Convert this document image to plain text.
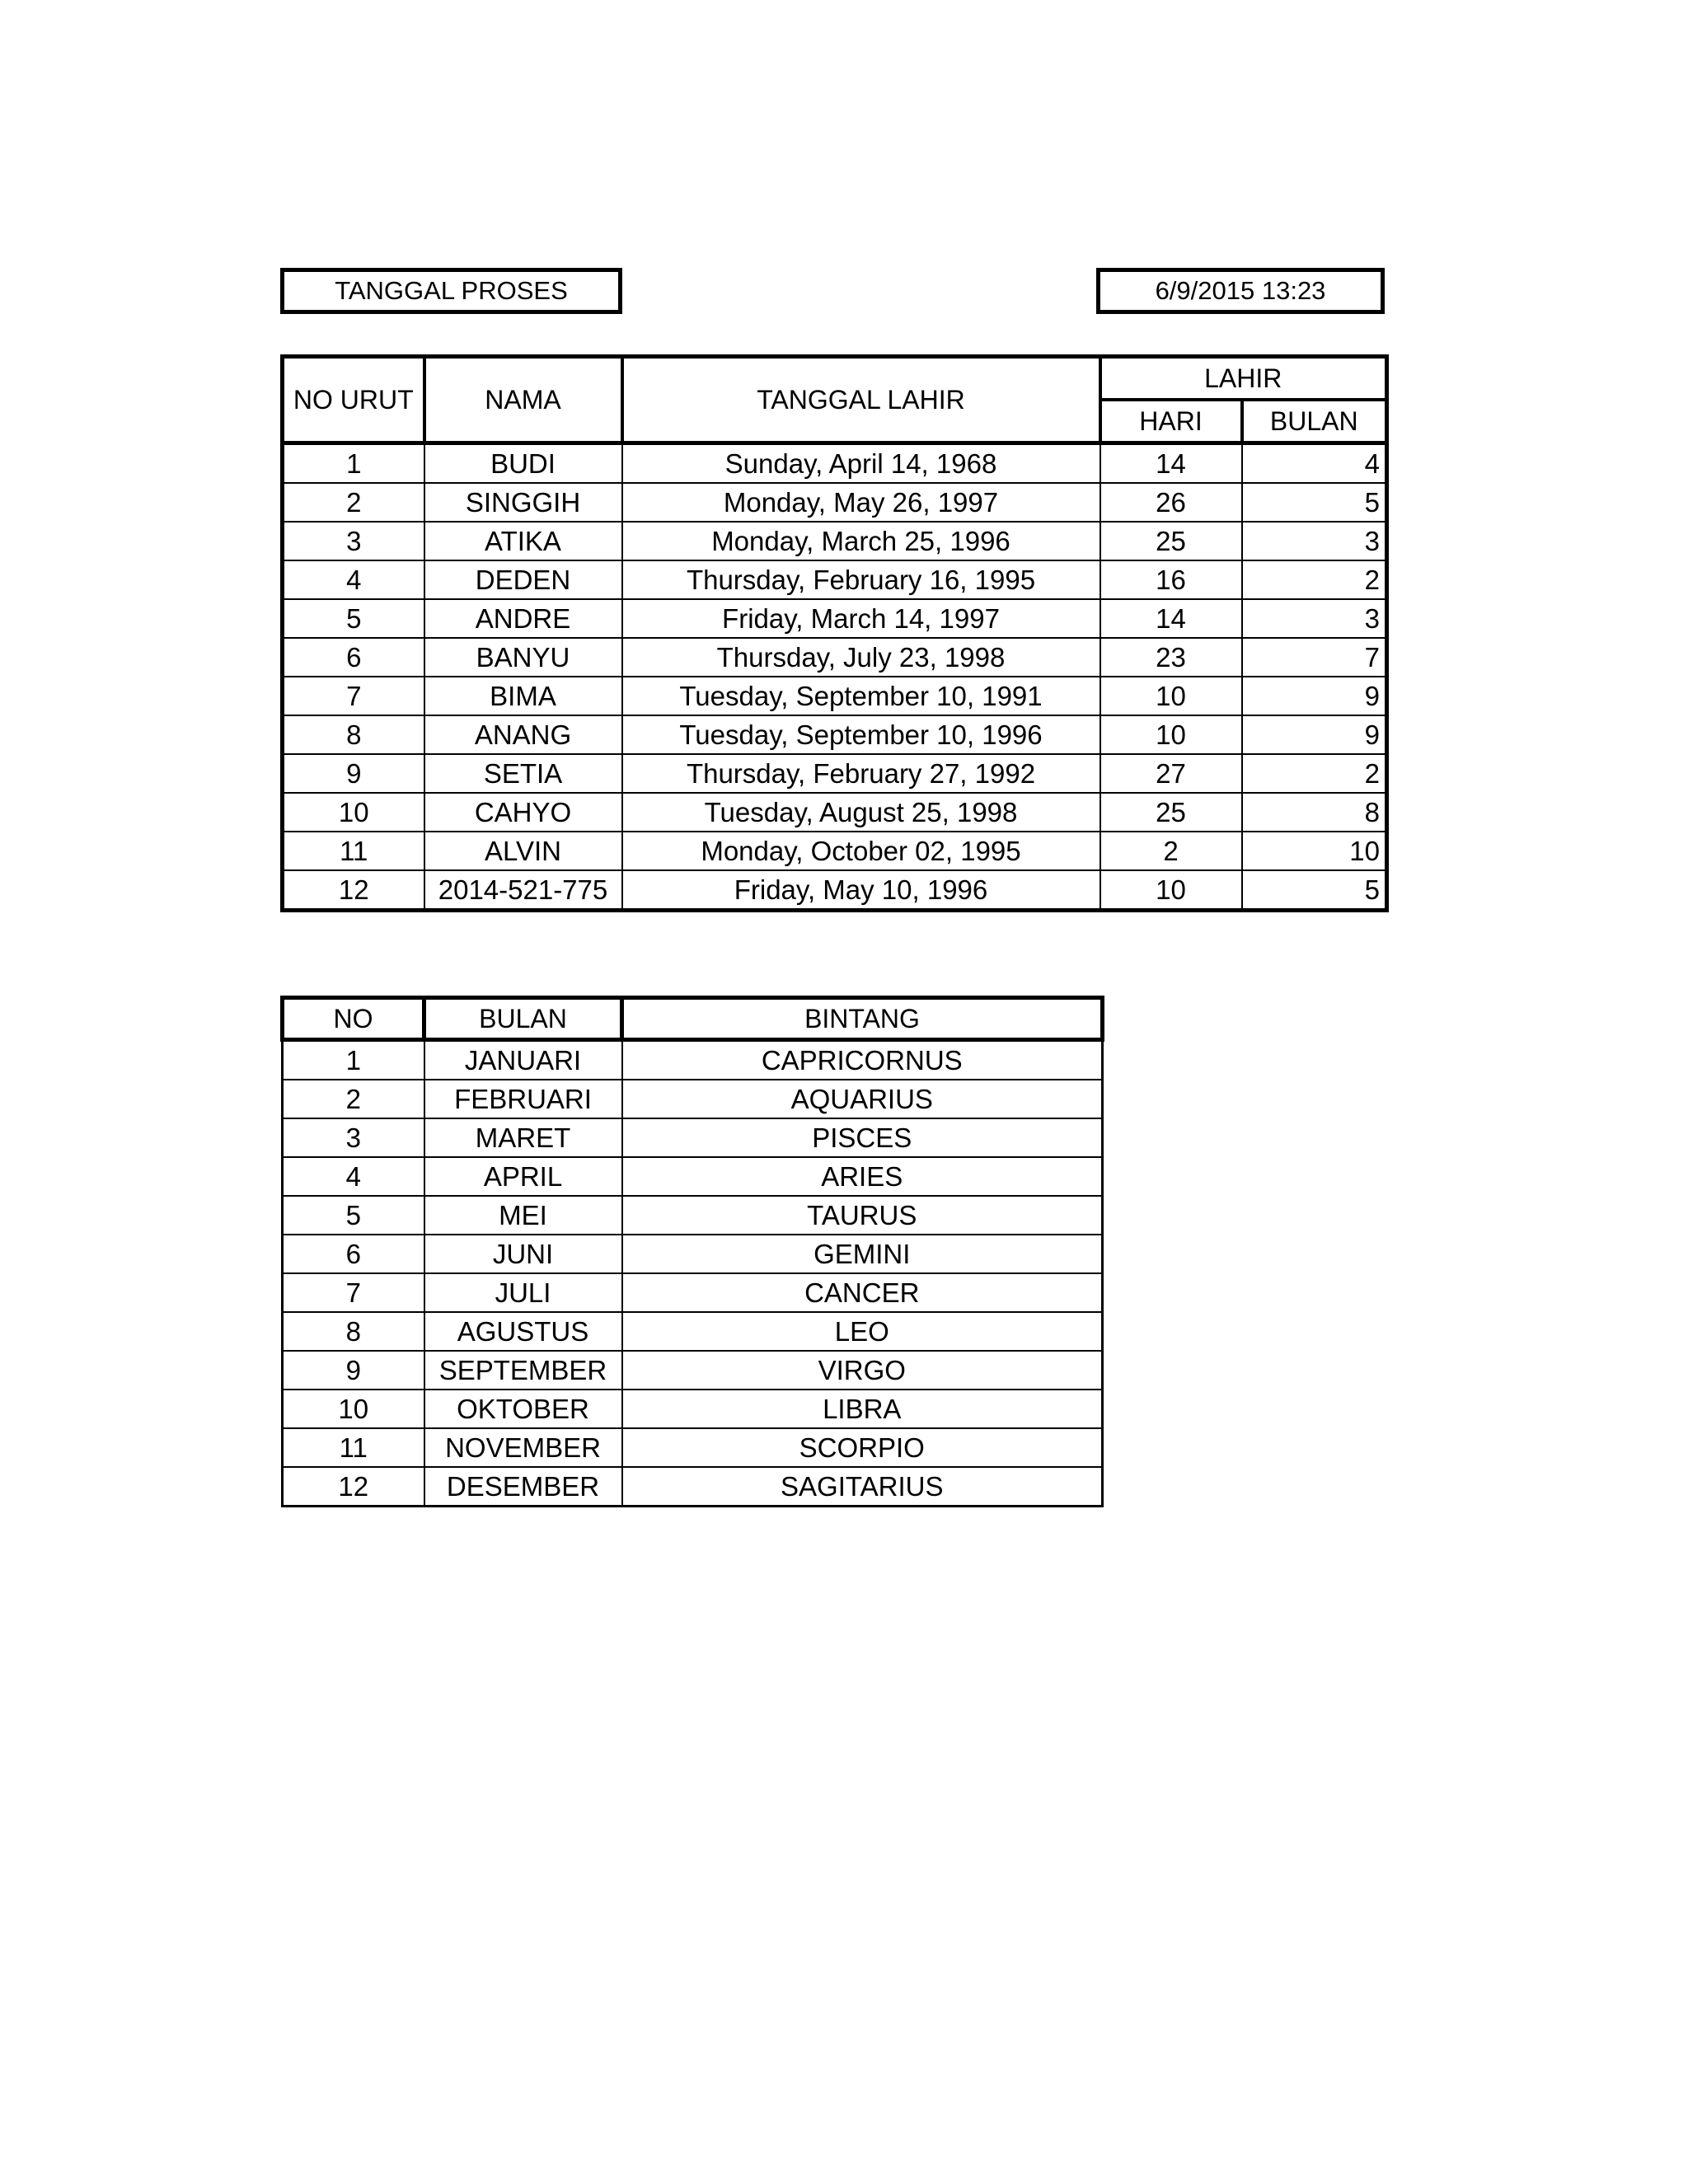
TANGGAL PROSES	6/9/2015 13:23
NO URUT	NAMA	TANGGAL LAHIR	LAHIR	
			HARI	BULAN
1	BUDI	Sunday, April 14, 1968	14	4
2	SINGGIH	Monday, May 26, 1997	26	5
3	ATIKA	Monday, March 25, 1996	25	3
4	DEDEN	Thursday, February 16, 1995	16	2
5	ANDRE	Friday, March 14, 1997	14	3
6	BANYU	Thursday, July 23, 1998	23	7
7	BIMA	Tuesday, September 10, 1991	10	9
8	ANANG	Tuesday, September 10, 1996	10	9
9	SETIA	Thursday, February 27, 1992	27	2
10	CAHYO	Tuesday, August 25, 1998	25	8
11	ALVIN	Monday, October 02, 1995	2	10
12	2014-521-775	Friday, May 10, 1996	10	5
NO	BULAN	BINTANG
1	JANUARI	CAPRICORNUS
2	FEBRUARI	AQUARIUS
3	MARET	PISCES
4	APRIL	ARIES
5	MEI	TAURUS
6	JUNI	GEMINI
7	JULI	CANCER
8	AGUSTUS	LEO
9	SEPTEMBER	VIRGO
10	OKTOBER	LIBRA
11	NOVEMBER	SCORPIO
12	DESEMBER	SAGITARIUS
